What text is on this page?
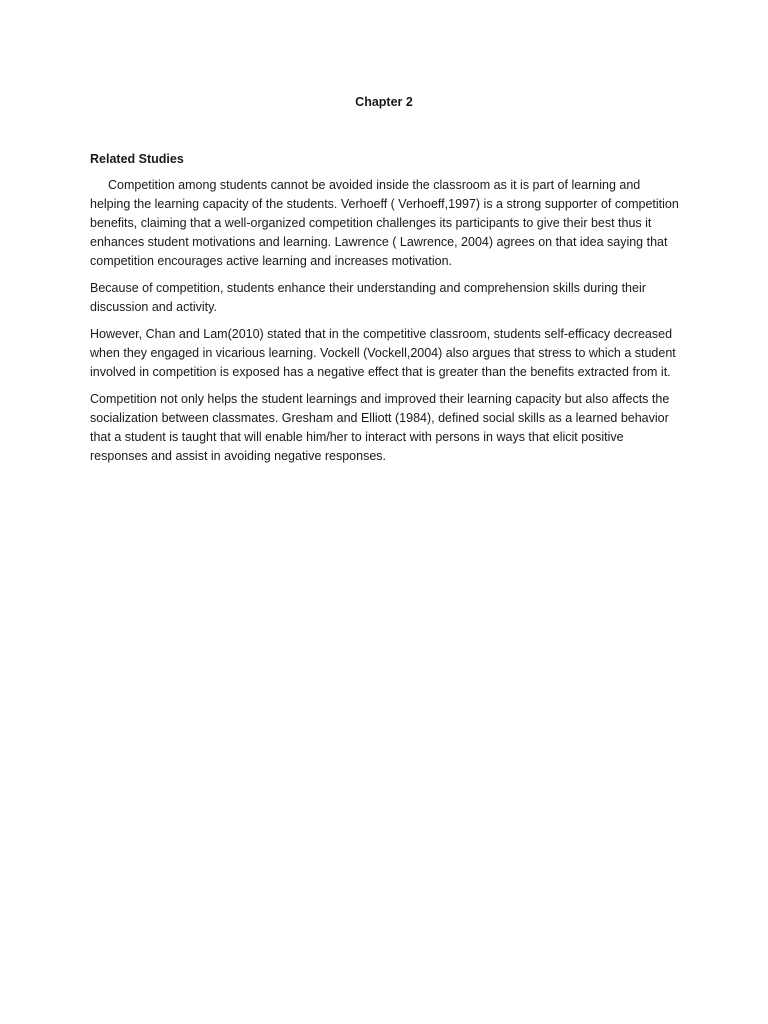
Chapter 2
Related Studies

Competition among students cannot be avoided inside the classroom as it is part of learning and helping the learning capacity of the students. Verhoeff ( Verhoeff,1997) is a strong supporter of competition benefits, claiming that a well-organized competition challenges its participants to give their best thus it enhances student motivations and learning. Lawrence ( Lawrence, 2004) agrees on that idea saying that competition encourages active learning and increases motivation.

Because of competition, students enhance their understanding and comprehension skills during their discussion and activity.

However, Chan and Lam(2010) stated that in the competitive classroom, students self-efficacy decreased when they engaged in vicarious learning. Vockell (Vockell,2004) also argues that stress to which a student involved in competition is exposed has a negative effect that is greater than the benefits extracted from it.

Competition not only helps the student learnings and improved their learning capacity but also affects the socialization between classmates. Gresham and Elliott (1984), defined social skills as a learned behavior that a student is taught that will enable him/her to interact with persons in ways that elicit positive responses and assist in avoiding negative responses.
